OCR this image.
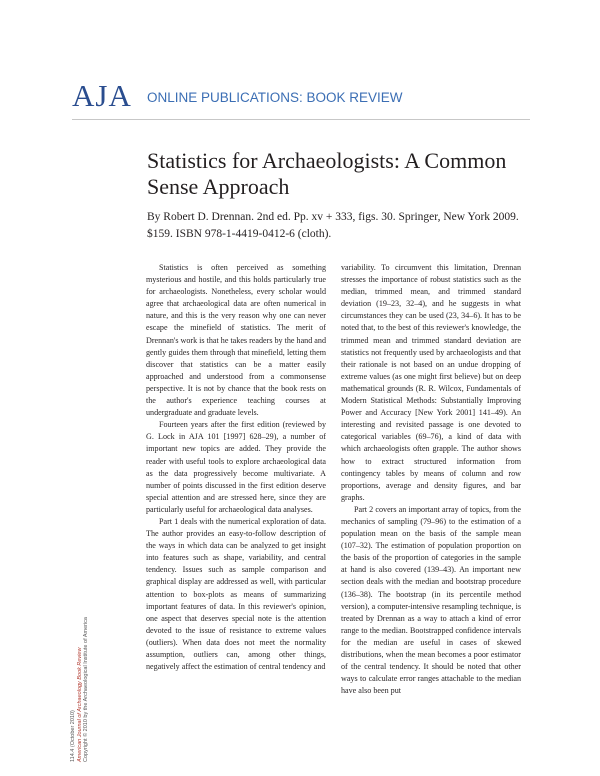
AJA ONLINE PUBLICATIONS: BOOK REVIEW
Statistics for Archaeologists: A Common Sense Approach

By Robert D. Drennan. 2nd ed. Pp. xv + 333, figs. 30. Springer, New York 2009. $159. ISBN 978-1-4419-0412-6 (cloth).

Statistics is often perceived as something mysterious and hostile, and this holds particularly true for archaeologists. Nonetheless, every scholar would agree that archaeological data are often numerical in nature, and this is the very reason why one can never escape the minefield of statistics. The merit of Drennan's work is that he takes readers by the hand and gently guides them through that minefield, letting them discover that statistics can be a matter easily approached and understood from a commonsense perspective. It is not by chance that the book rests on the author's experience teaching courses at undergraduate and graduate levels.

Fourteen years after the first edition (reviewed by G. Lock in AJA 101 [1997] 628–29), a number of important new topics are added. They provide the reader with useful tools to explore archaeological data as the data progressively become multivariate. A number of points discussed in the first edition deserve special attention and are stressed here, since they are particularly useful for archaeological data analyses.

Part 1 deals with the numerical exploration of data. The author provides an easy-to-follow description of the ways in which data can be analyzed to get insight into features such as shape, variability, and central tendency. Issues such as sample comparison and graphical display are addressed as well, with particular attention to box-plots as means of summarizing important features of data. In this reviewer's opinion, one aspect that deserves special note is the attention devoted to the issue of resistance to extreme values (outliers). When data does not meet the normality assumption, outliers can, among other things, negatively affect the estimation of central tendency and

variability. To circumvent this limitation, Drennan stresses the importance of robust statistics such as the median, trimmed mean, and trimmed standard deviation (19–23, 32–4), and he suggests in what circumstances they can be used (23, 34–6). It has to be noted that, to the best of this reviewer's knowledge, the trimmed mean and trimmed standard deviation are statistics not frequently used by archaeologists and that their rationale is not based on an undue dropping of extreme values (as one might first believe) but on deep mathematical grounds (R. R. Wilcox, Fundamentals of Modern Statistical Methods: Substantially Improving Power and Accuracy [New York 2001] 141–49). An interesting and revisited passage is one devoted to categorical variables (69–76), a kind of data with which archaeologists often grapple. The author shows how to extract structured information from contingency tables by means of column and row proportions, average and density figures, and bar graphs.

Part 2 covers an important array of topics, from the mechanics of sampling (79–96) to the estimation of a population mean on the basis of the sample mean (107–32). The estimation of population proportion on the basis of the proportion of categories in the sample at hand is also covered (139–43). An important new section deals with the median and bootstrap procedure (136–38). The bootstrap (in its percentile method version), a computer-intensive resampling technique, is treated by Drennan as a way to attach a kind of error range to the median. Bootstrapped confidence intervals for the median are useful in cases of skewed distributions, when the mean becomes a poor estimator of the central tendency. It should be noted that other ways to calculate error ranges attachable to the median have also been put

114.4 (October 2010) American Journal of Archaeology Book Review Copyright © 2010 by the Archaeological Institute of America
